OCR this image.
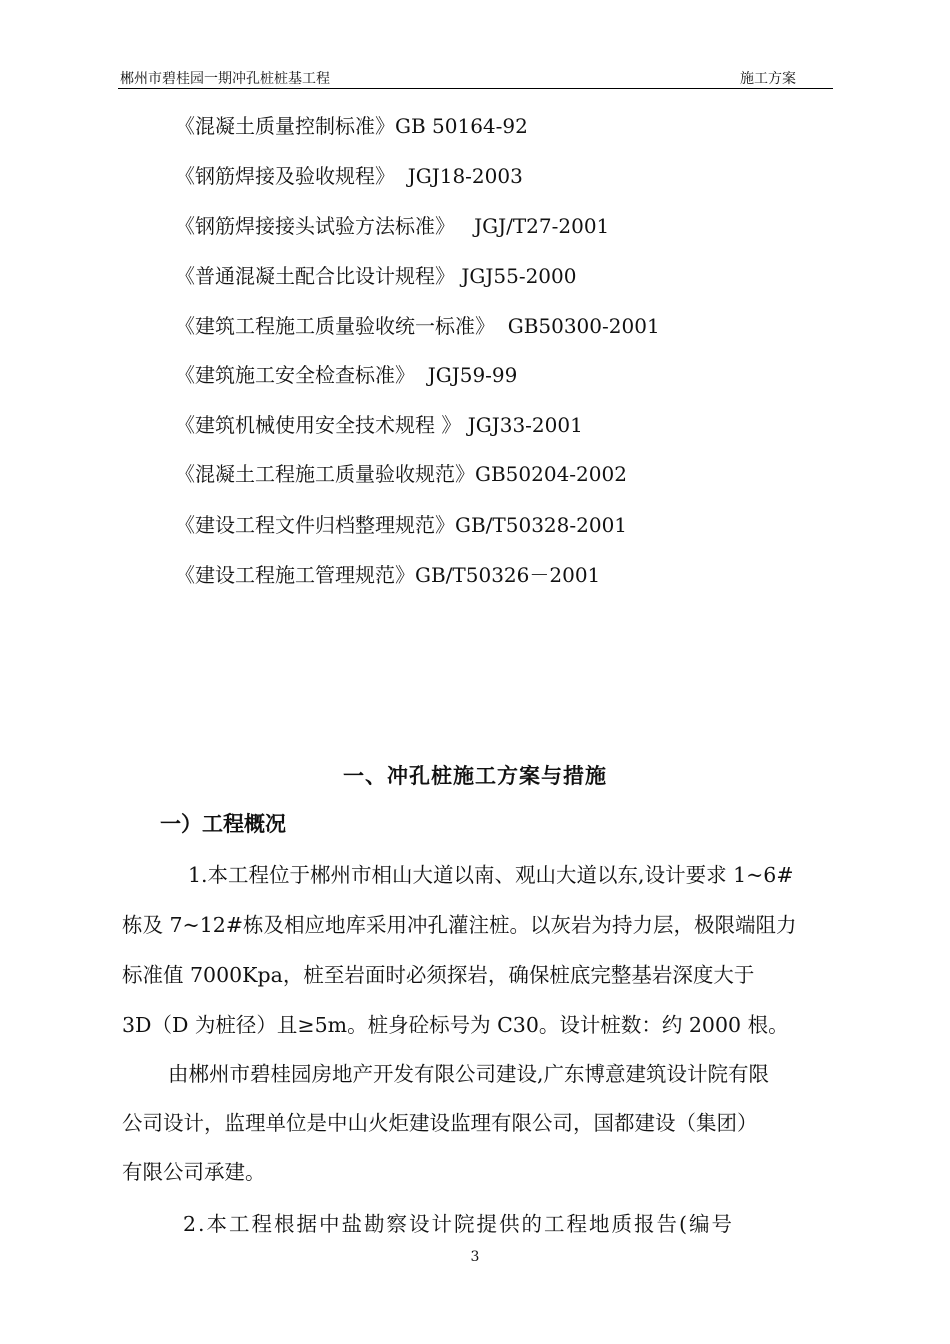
郴州市碧桂园一期冲孔桩桩基工程	施工方案
《混凝土质量控制标准》GB 50164-92
《钢筋焊接及验收规程》  JGJ18-2003
《钢筋焊接接头试验方法标准》   JGJ/T27-2001
《普通混凝土配合比设计规程》 JGJ55-2000
《建筑工程施工质量验收统一标准》  GB50300-2001
《建筑施工安全检查标准》  JGJ59-99
《建筑机械使用安全技术规程 》 JGJ33-2001
《混凝土工程施工质量验收规范》GB50204-2002
《建设工程文件归档整理规范》GB/T50328-2001
《建设工程施工管理规范》GB/T50326－2001
一、冲孔桩施工方案与措施
一）工程概况
1.本工程位于郴州市相山大道以南、观山大道以东,设计要求 1~6#
栋及 7~12#栋及相应地库采用冲孔灌注桩。以灰岩为持力层，极限端阻力
标准值 7000Kpa，桩至岩面时必须探岩，确保桩底完整基岩深度大于
3D（D 为桩径）且≥5m。桩身砼标号为 C30。设计桩数：约 2000 根。
由郴州市碧桂园房地产开发有限公司建设,广东博意建筑设计院有限
公司设计，监理单位是中山火炬建设监理有限公司，国都建设（集团）
有限公司承建。
2.本工程根据中盐勘察设计院提供的工程地质报告(编号
3
